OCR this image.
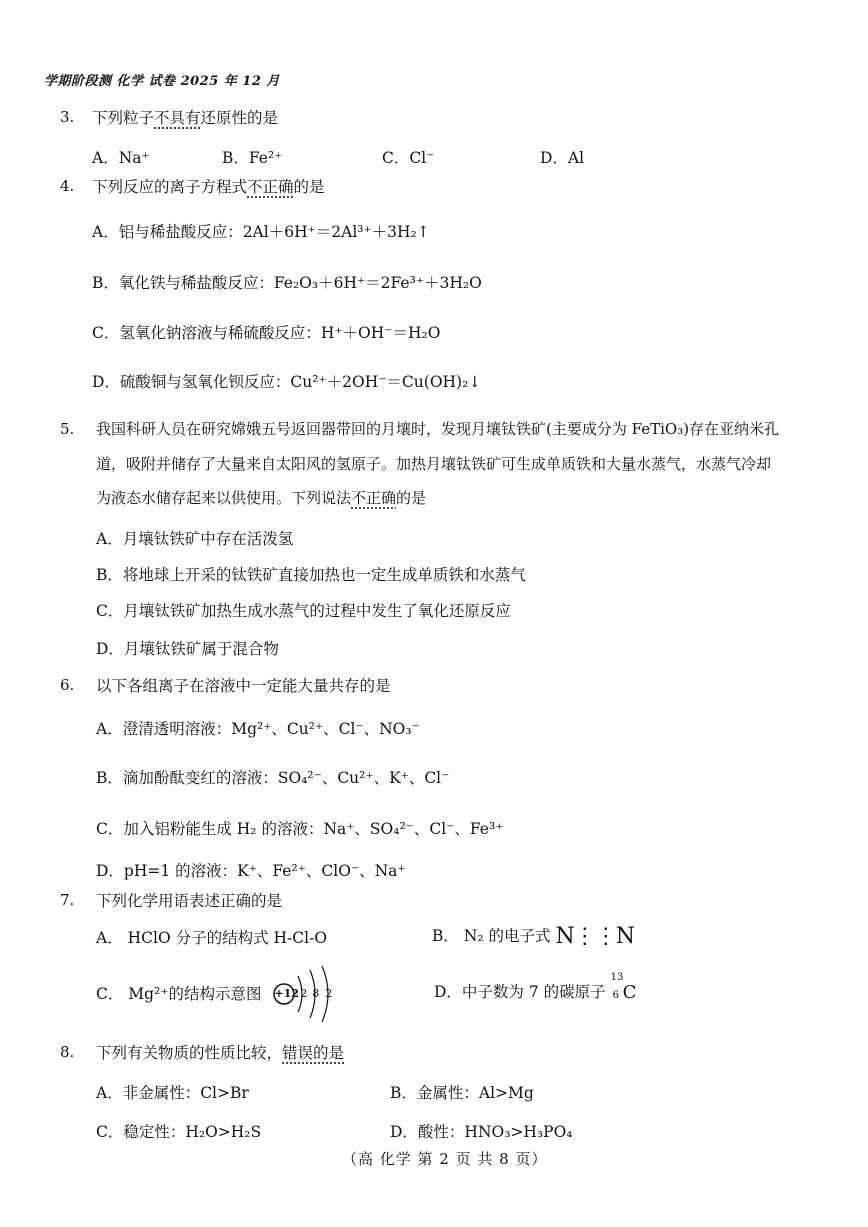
学期阶段测 化学 试卷 2025 年 12 月
3. 下列粒子不具有还原性的是
A．Na⁺	B．Fe²⁺	C．Cl⁻	D．Al
4. 下列反应的离子方程式不正确的是
A．铝与稀盐酸反应：2Al＋6H⁺＝2Al³⁺＋3H₂↑
B．氧化铁与稀盐酸反应：Fe₂O₃＋6H⁺＝2Fe³⁺＋3H₂O
C．氢氧化钠溶液与稀硫酸反应：H⁺＋OH⁻＝H₂O
D．硫酸铜与氢氧化钡反应：Cu²⁺＋2OH⁻＝Cu(OH)₂↓
5. 我国科研人员在研究嫦娥五号返回器带回的月壤时，发现月壤钛铁矿(主要成分为 FeTiO₃)存在亚纳米孔
道，吸附并储存了大量来自太阳风的氢原子。加热月壤钛铁矿可生成单质铁和大量水蒸气，水蒸气冷却
为液态水储存起来以供使用。下列说法不正确的是
A．月壤钛铁矿中存在活泼氢
B．将地球上开采的钛铁矿直接加热也一定生成单质铁和水蒸气
C．月壤钛铁矿加热生成水蒸气的过程中发生了氧化还原反应
D．月壤钛铁矿属于混合物
6. 以下各组离子在溶液中一定能大量共存的是
A．澄清透明溶液：Mg²⁺、Cu²⁺、Cl⁻、NO₃⁻
B．滴加酚酞变红的溶液：SO₄²⁻、Cu²⁺、K⁺、Cl⁻
C．加入铝粉能生成 H₂ 的溶液：Na⁺、SO₄²⁻、Cl⁻、Fe³⁺
D．pH=1 的溶液：K⁺、Fe²⁺、ClO⁻、Na⁺
7. 下列化学用语表述正确的是
A． HClO 分子的结构式 H-Cl-O	B． N₂ 的电子式 N⋮⋮N
C． Mg²⁺的结构示意图 +12 2 8 2	D．中子数为 7 的碳原子
13
6 C
8. 下列有关物质的性质比较，错误的是
A．非金属性：Cl>Br	B．金属性：Al>Mg
C．稳定性：H₂O>H₂S	D．酸性：HNO₃>H₃PO₄
（高 化学 第 2 页 共 8 页）
